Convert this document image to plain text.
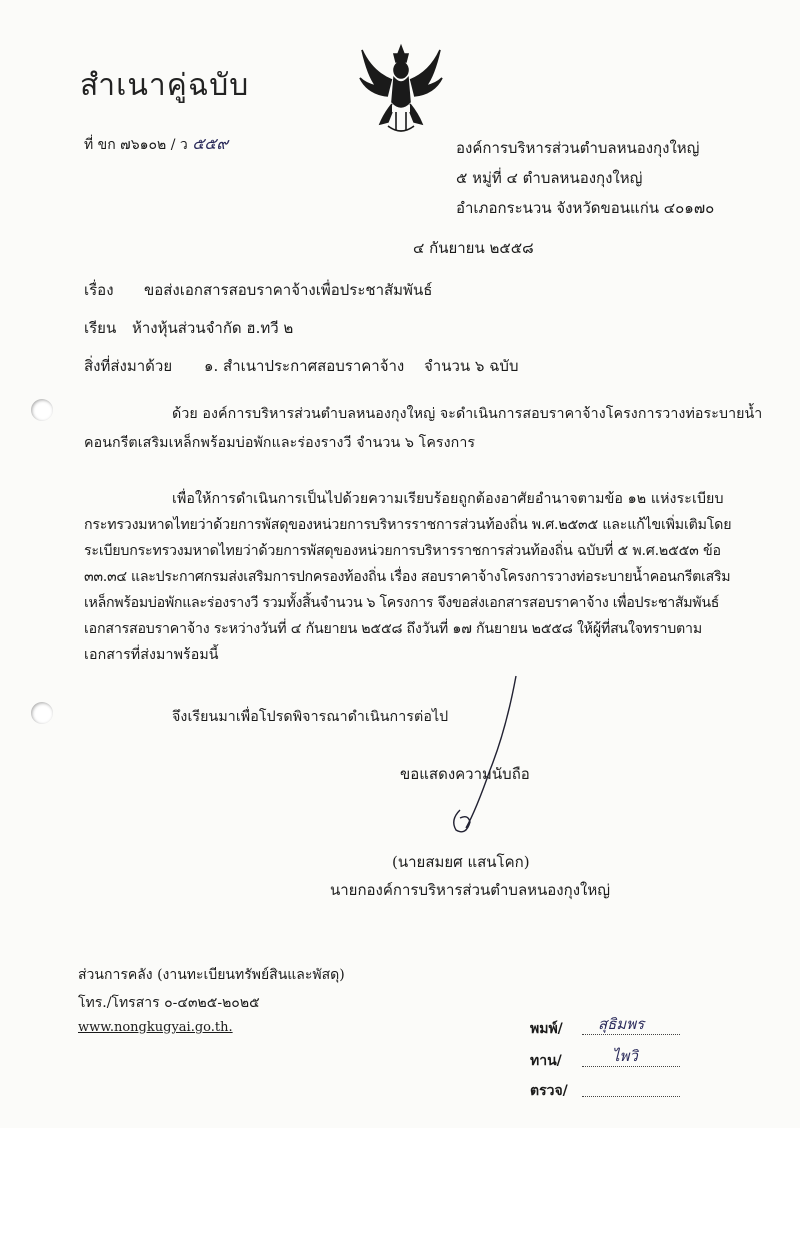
สำเนาคู่ฉบับ
ที่ ขก ๗๖๑๐๒ / ว ๕๕๙	องค์การบริหารส่วนตำบลหนองกุงใหญ่
๕ หมู่ที่ ๔ ตำบลหนองกุงใหญ่
อำเภอกระนวน จังหวัดขอนแก่น ๔๐๑๗๐
๔ กันยายน ๒๕๕๘
เรื่อง ขอส่งเอกสารสอบราคาจ้างเพื่อประชาสัมพันธ์
เรียน ห้างหุ้นส่วนจำกัด ฮ.ทวี ๒
สิ่งที่ส่งมาด้วย ๑. สำเนาประกาศสอบราคาจ้าง จำนวน ๖ ฉบับ
ด้วย องค์การบริหารส่วนตำบลหนองกุงใหญ่ จะดำเนินการสอบราคาจ้างโครงการวางท่อระบายน้ำ
คอนกรีตเสริมเหล็กพร้อมบ่อพักและร่องรางวี จำนวน ๖ โครงการ
เพื่อให้การดำเนินการเป็นไปด้วยความเรียบร้อยถูกต้องอาศัยอำนาจตามข้อ ๑๒ แห่งระเบียบ
กระทรวงมหาดไทยว่าด้วยการพัสดุของหน่วยการบริหารราชการส่วนท้องถิ่น พ.ศ.๒๕๓๕ และแก้ไขเพิ่มเติมโดย
ระเบียบกระทรวงมหาดไทยว่าด้วยการพัสดุของหน่วยการบริหารราชการส่วนท้องถิ่น ฉบับที่ ๕ พ.ศ.๒๕๕๓ ข้อ
๓๓.๓๔ และประกาศกรมส่งเสริมการปกครองท้องถิ่น เรื่อง สอบราคาจ้างโครงการวางท่อระบายน้ำคอนกรีตเสริม
เหล็กพร้อมบ่อพักและร่องรางวี รวมทั้งสิ้นจำนวน ๖ โครงการ จึงขอส่งเอกสารสอบราคาจ้าง เพื่อประชาสัมพันธ์
เอกสารสอบราคาจ้าง ระหว่างวันที่ ๔ กันยายน ๒๕๕๘ ถึงวันที่ ๑๗ กันยายน ๒๕๕๘ ให้ผู้ที่สนใจทราบตาม
เอกสารที่ส่งมาพร้อมนี้
จึงเรียนมาเพื่อโปรดพิจารณาดำเนินการต่อไป
ขอแสดงความนับถือ
(นายสมยศ แสนโคก)
นายกองค์การบริหารส่วนตำบลหนองกุงใหญ่
ส่วนการคลัง (งานทะเบียนทรัพย์สินและพัสดุ)
โทร./โทรสาร ๐-๔๓๒๕-๒๐๒๕
www.nongkugyai.go.th.	พมพ์/ สุธิมพร
ทาน/	ไพวิ
ตรวจ/
